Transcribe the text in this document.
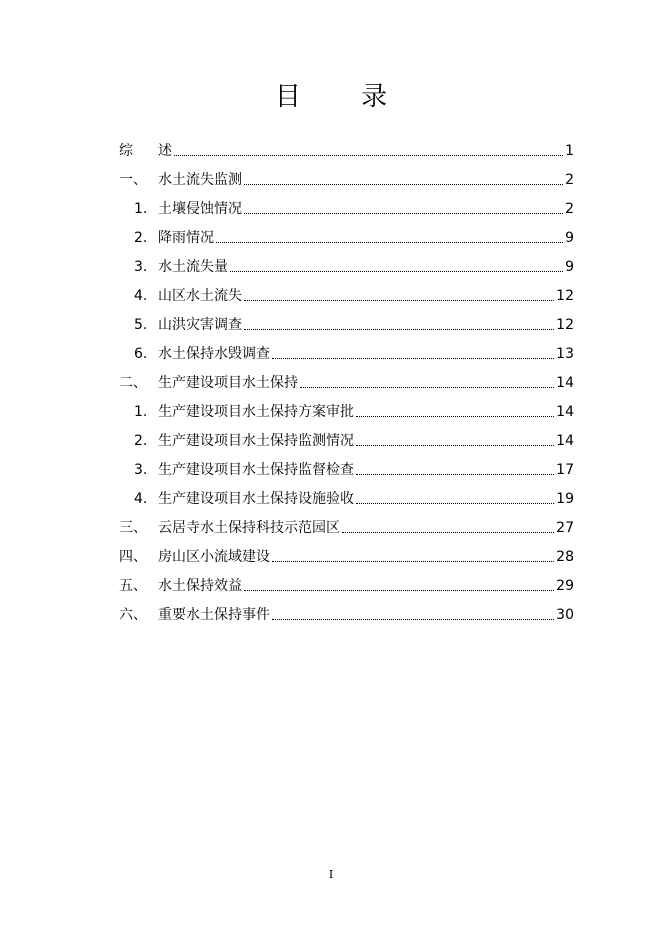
目 录
综 述	1
一、 水土流失监测	2
1. 土壤侵蚀情况	2
2. 降雨情况	9
3. 水土流失量	9
4. 山区水土流失	12
5. 山洪灾害调查	12
6. 水土保持水毁调查	13
二、 生产建设项目水土保持	14
1. 生产建设项目水土保持方案审批	14
2. 生产建设项目水土保持监测情况	14
3. 生产建设项目水土保持监督检查	17
4. 生产建设项目水土保持设施验收	19
三、 云居寺水土保持科技示范园区	27
四、 房山区小流域建设	28
五、 水土保持效益	29
六、 重要水土保持事件	30
I
